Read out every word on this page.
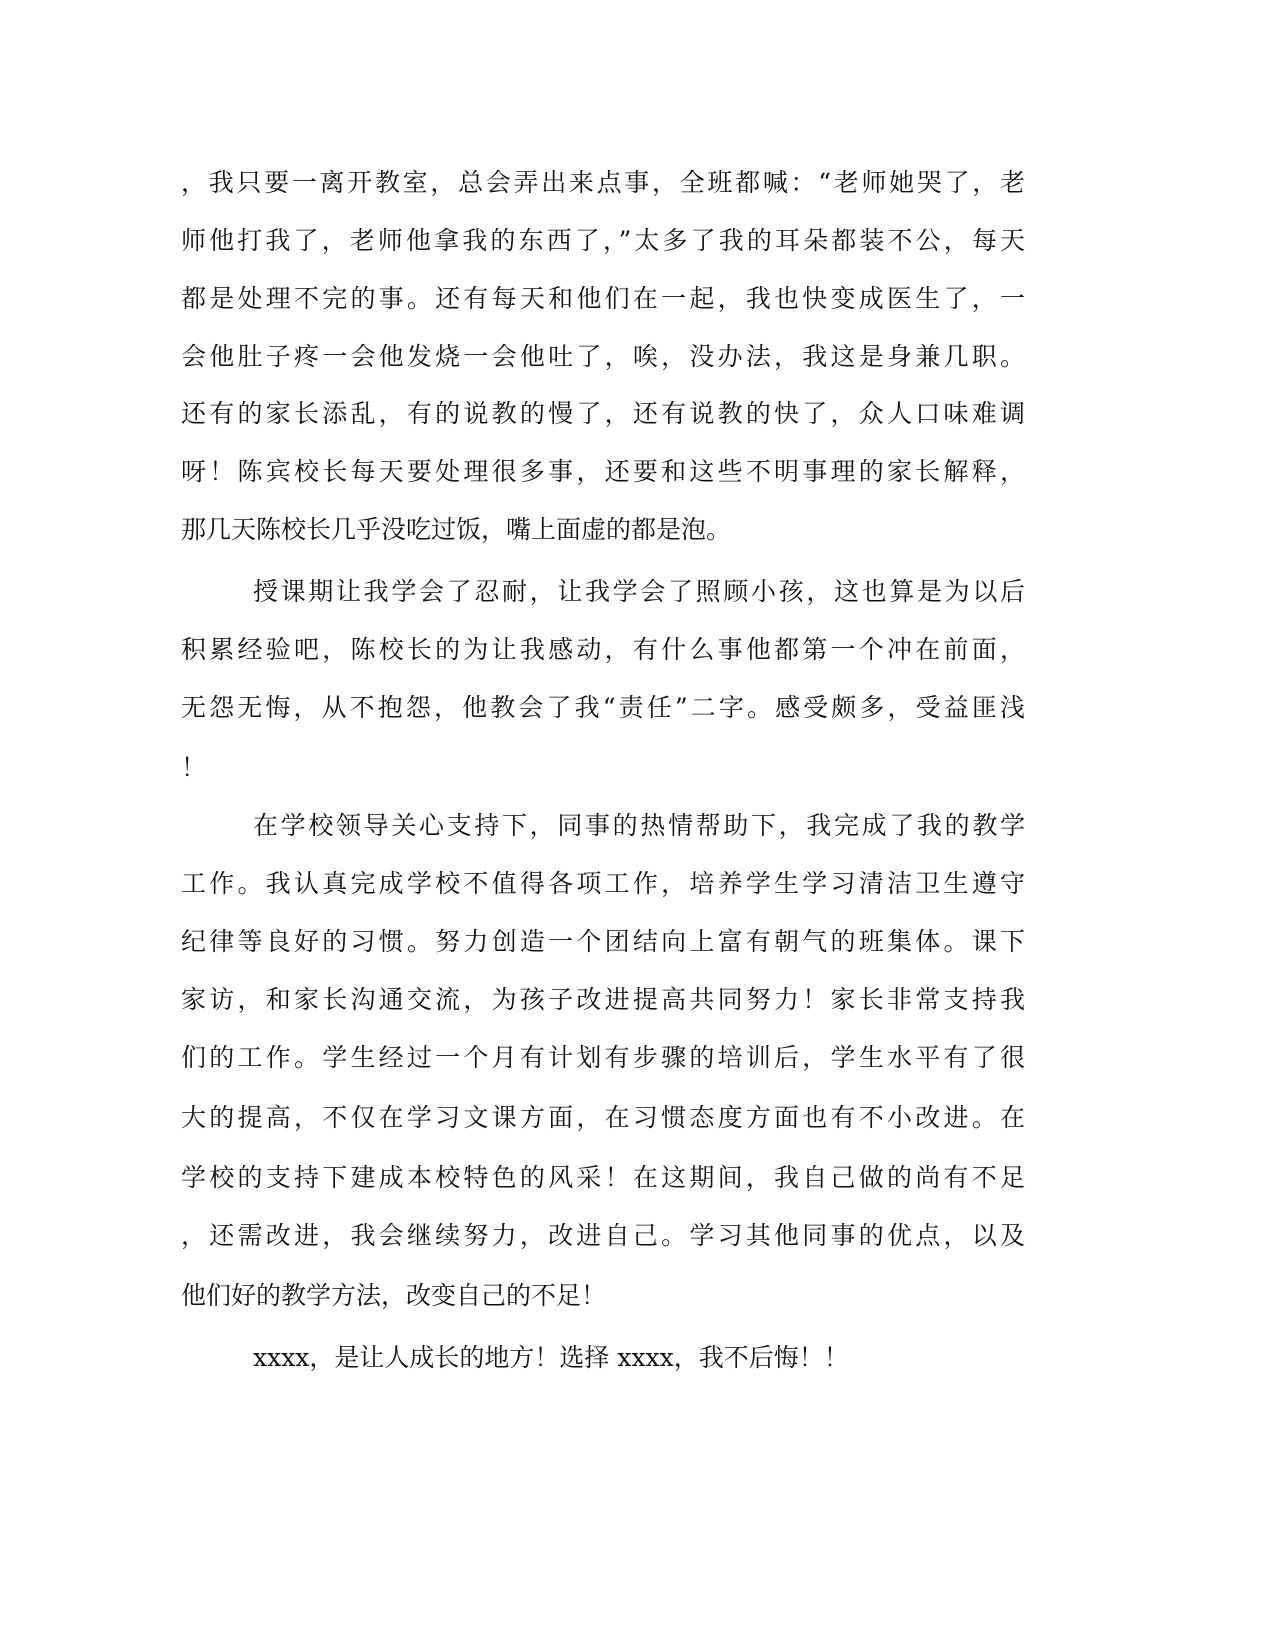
，我只要一离开教室，总会弄出来点事，全班都喊：“老师她哭了，老
师他打我了，老师他拿我的东西了，”太多了我的耳朵都装不公，每天
都是处理不完的事。还有每天和他们在一起，我也快变成医生了，一
会他肚子疼一会他发烧一会他吐了，唉，没办法，我这是身兼几职。
还有的家长添乱，有的说教的慢了，还有说教的快了，众人口味难调
呀！陈宾校长每天要处理很多事，还要和这些不明事理的家长解释，
那几天陈校长几乎没吃过饭，嘴上面虚的都是泡。
授课期让我学会了忍耐，让我学会了照顾小孩，这也算是为以后
积累经验吧，陈校长的为让我感动，有什么事他都第一个冲在前面，
无怨无悔，从不抱怨，他教会了我“责任”二字。感受颇多，受益匪浅
！
在学校领导关心支持下，同事的热情帮助下，我完成了我的教学
工作。我认真完成学校不值得各项工作，培养学生学习清洁卫生遵守
纪律等良好的习惯。努力创造一个团结向上富有朝气的班集体。课下
家访，和家长沟通交流，为孩子改进提高共同努力！家长非常支持我
们的工作。学生经过一个月有计划有步骤的培训后，学生水平有了很
大的提高，不仅在学习文课方面，在习惯态度方面也有不小改进。在
学校的支持下建成本校特色的风采！在这期间，我自己做的尚有不足
，还需改进，我会继续努力，改进自己。学习其他同事的优点，以及
他们好的教学方法，改变自己的不足！
xxxx，是让人成长的地方！选择 xxxx，我不后悔！！
